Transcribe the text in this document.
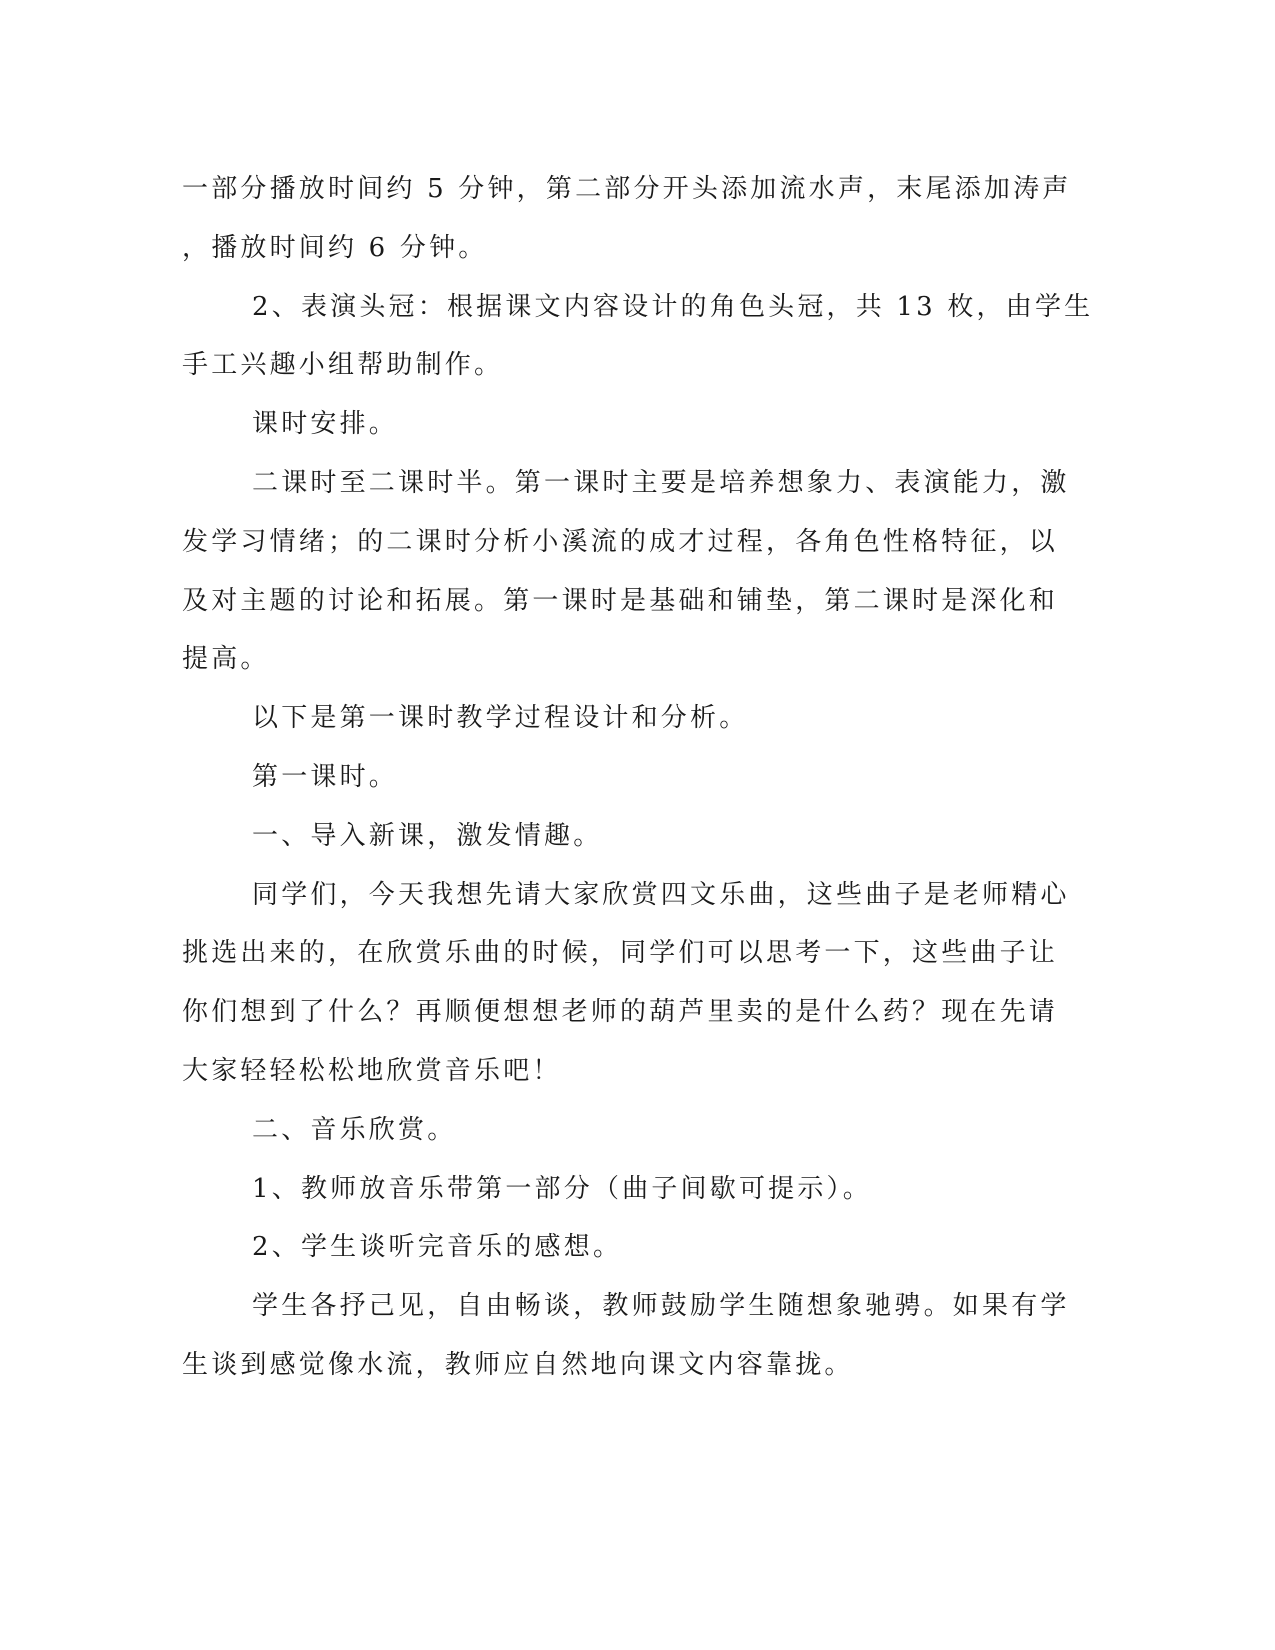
一部分播放时间约 5 分钟，第二部分开头添加流水声，末尾添加涛声
，播放时间约 6 分钟。
2、表演头冠：根据课文内容设计的角色头冠，共 13 枚，由学生
手工兴趣小组帮助制作。
课时安排。
二课时至二课时半。第一课时主要是培养想象力、表演能力，激
发学习情绪；的二课时分析小溪流的成才过程，各角色性格特征，以
及对主题的讨论和拓展。第一课时是基础和铺垫，第二课时是深化和
提高。
以下是第一课时教学过程设计和分析。
第一课时。
一、导入新课，激发情趣。
同学们，今天我想先请大家欣赏四文乐曲，这些曲子是老师精心
挑选出来的，在欣赏乐曲的时候，同学们可以思考一下，这些曲子让
你们想到了什么？再顺便想想老师的葫芦里卖的是什么药？现在先请
大家轻轻松松地欣赏音乐吧！
二、音乐欣赏。
1、教师放音乐带第一部分（曲子间歇可提示）。
2、学生谈听完音乐的感想。
学生各抒己见，自由畅谈，教师鼓励学生随想象驰骋。如果有学
生谈到感觉像水流，教师应自然地向课文内容靠拢。
